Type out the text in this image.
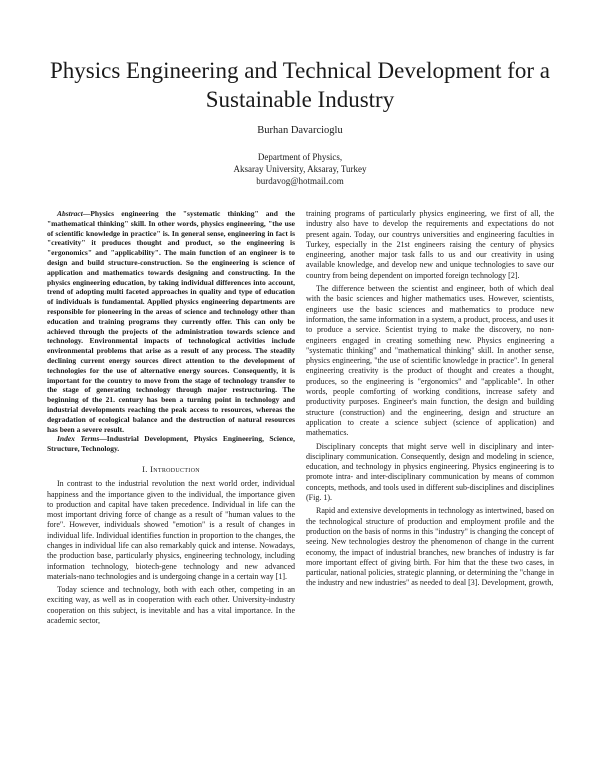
Physics Engineering and Technical Development for a Sustainable Industry
Burhan Davarcioglu
Department of Physics,
Aksaray University, Aksaray, Turkey
burdavog@hotmail.com

Abstract—Physics engineering the "systematic thinking" and the "mathematical thinking" skill. In other words, physics engineering, "the use of scientific knowledge in practice" is. In general sense, engineering in fact is "creativity" it produces thought and product, so the engineering is "ergonomics" and "applicability". The main function of an engineer is to design and build structure-construction. So the engineering is science of application and mathematics towards designing and constructing. In the physics engineering education, by taking individual differences into account, trend of adopting multi faceted approaches in quality and type of education of individuals is fundamental. Applied physics engineering departments are responsible for pioneering in the areas of science and technology other than education and training programs they currently offer. This can only be achieved through the projects of the administration towards science and technology. Environmental impacts of technological activities include environmental problems that arise as a result of any process. The steadily declining current energy sources direct attention to the development of technologies for the use of alternative energy sources. Consequently, it is important for the country to move from the stage of technology transfer to the stage of generating technology through major restructuring. The beginning of the 21. century has been a turning point in technology and industrial developments reaching the peak access to resources, whereas the degradation of ecological balance and the destruction of natural resources has been a severe result.

Index Terms—Industrial Development, Physics Engineering, Science, Structure, Technology.

I. Introduction

In contrast to the industrial revolution the next world order, individual happiness and the importance given to the individual, the importance given to production and capital have taken precedence. Individual in life can the most important driving force of change as a result of "human values to the fore". However, individuals showed "emotion" is a result of changes in individual life. Individual identifies function in proportion to the changes, the changes in individual life can also remarkably quick and intense. Nowadays, the production base, particularly physics, engineering technology, including information technology, biotech-gene technology and new advanced materials-nano technologies and is undergoing change in a certain way [1].

Today science and technology, both with each other, competing in an exciting way, as well as in cooperation with each other. University-industry cooperation on this subject, is inevitable and has a vital importance. In the academic sector,

training programs of particularly physics engineering, we first of all, the industry also have to develop the requirements and expectations do not present again. Today, our countrys universities and engineering faculties in Turkey, especially in the 21st engineers raising the century of physics engineering, another major task falls to us and our creativity in using available knowledge, and develop new and unique technologies to save our country from being dependent on imported foreign technology [2].

The difference between the scientist and engineer, both of which deal with the basic sciences and higher mathematics uses. However, scientists, engineers use the basic sciences and mathematics to produce new information, the same information in a system, a product, process, and uses it to produce a service. Scientist trying to make the discovery, no non-engineers engaged in creating something new. Physics engineering a "systematic thinking" and "mathematical thinking" skill. In another sense, physics engineering, "the use of scientific knowledge in practice". In general engineering creativity is the product of thought and creates a thought, produces, so the engineering is "ergonomics" and "applicable". In other words, people comforting of working conditions, increase safety and productivity purposes. Engineer's main function, the design and building structure (construction) and the engineering, design and structure an application to create a science subject (science of application) and mathematics.

Disciplinary concepts that might serve well in disciplinary and inter-disciplinary communication. Consequently, design and modeling in science, education, and technology in physics engineering. Physics engineering is to promote intra- and inter-disciplinary communication by means of common concepts, methods, and tools used in different sub-disciplines and disciplines (Fig. 1).

Rapid and extensive developments in technology as intertwined, based on the technological structure of production and employment profile and the production on the basis of norms in this "industry" is changing the concept of seeing. New technologies destroy the phenomenon of change in the current economy, the impact of industrial branches, new branches of industry is far more important effect of giving birth. For him that the these two cases, in particular, national policies, strategic planning, or determining the "change in the industry and new industries" as needed to deal [3]. Development, growth,
